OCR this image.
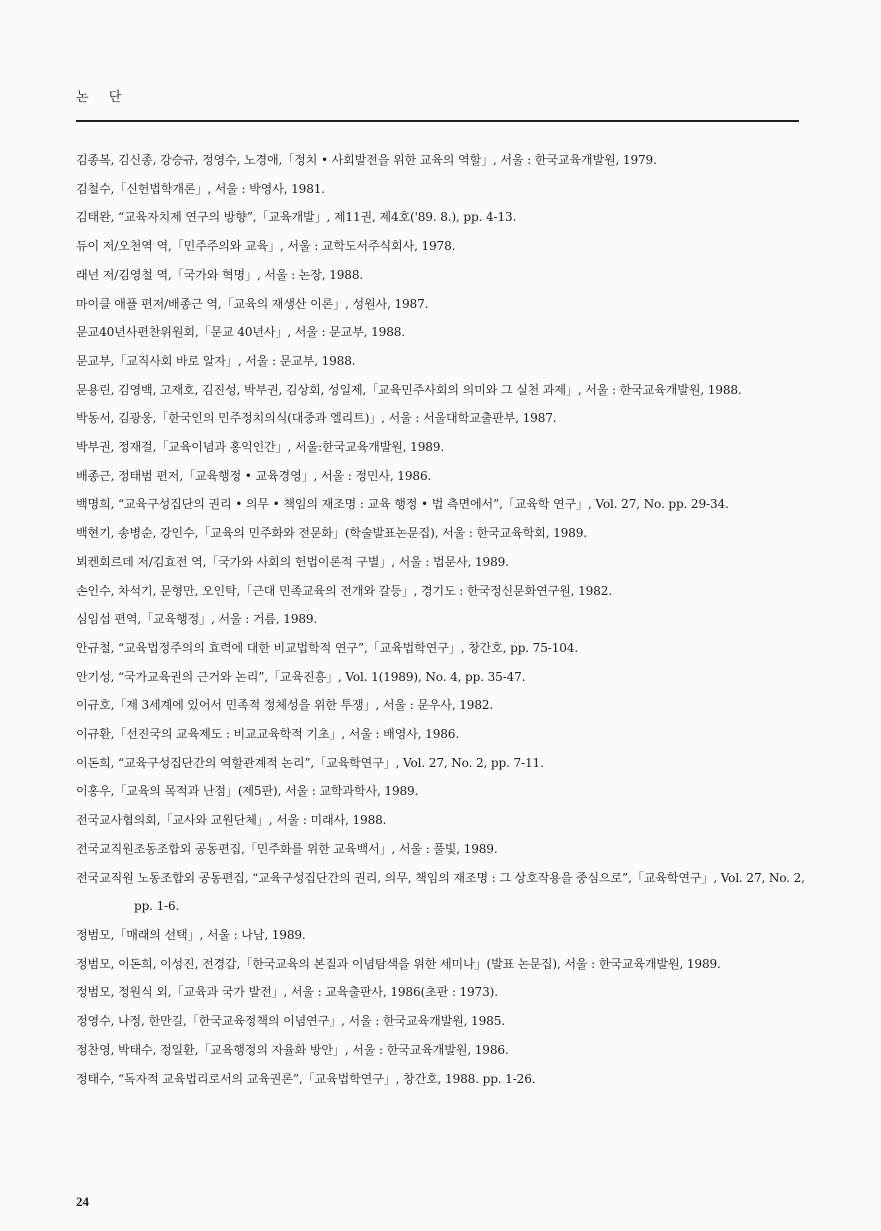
논 단
김종복, 김신종, 강승규, 정영수, 노경애,「정치 • 사회발전을 위한 교육의 역할」, 서울 : 한국교육개발원, 1979.
김철수,「신헌법학개론」, 서울 : 박영사, 1981.
김태완, “교육자치제 연구의 방향”,「교육개발」, 제11권, 제4호('89. 8.), pp. 4-13.
듀이 저/오천역 역,「민주주의와 교육」, 서울 : 교학도서주식회사, 1978.
래넌 저/김영철 역,「국가와 혁명」, 서울 : 논장, 1988.
마이클 애플 편저/배종근 역,「교육의 재생산 이론」, 성원사, 1987.
문교40년사편찬위원회,「문교 40년사」, 서울 : 문교부, 1988.
문교부,「교직사회 바로 알자」, 서울 : 문교부, 1988.
문용린, 김영백, 고재호, 김진성, 박부권, 김상회, 성일제,「교육민주사회의 의미와 그 실천 과제」, 서울 : 한국교육개발원, 1988.
박동서, 김광웅,「한국인의 민주정치의식(대중과 엘리트)」, 서울 : 서울대학교출판부, 1987.
박부권, 정재걸,「교육이념과 홍익인간」, 서울:한국교육개발원, 1989.
배종근, 정태범 편저,「교육행정 • 교육경영」, 서울 : 정민사, 1986.
백명희, “교육구성집단의 권리 • 의무 • 책임의 재조명 : 교육 행정 • 법 측면에서”,「교육학 연구」, Vol. 27, No. pp. 29-34.
백현기, 송병순, 강인수,「교육의 민주화와 전문화」(학술발표논문집), 서울 : 한국교육학회, 1989.
뵈켄회르데 저/김효전 역,「국가와 사회의 헌법이론적 구별」, 서울 : 법문사, 1989.
손인수, 차석기, 문형만, 오인탁,「근대 민족교육의 전개와 갈등」, 경기도 : 한국정신문화연구원, 1982.
심임섭 편역,「교육행정」, 서울 : 거름, 1989.
안규철, “교육법정주의의 효력에 대한 비교법학적 연구”,「교육법학연구」, 창간호, pp. 75-104.
안기성, “국가교육권의 근거와 논리”,「교육진흥」, Vol. 1(1989), No. 4, pp. 35-47.
이규호,「제 3세계에 있어서 민족적 정체성을 위한 투쟁」, 서울 : 문우사, 1982.
이규환,「선진국의 교육제도 : 비교교육학적 기초」, 서울 : 배영사, 1986.
이돈희, “교육구성집단간의 역할관계적 논리”,「교육학연구」, Vol. 27, No. 2, pp. 7-11.
이홍우,「교육의 목적과 난점」(제5판), 서울 : 교학과학사, 1989.
전국교사협의회,「교사와 교원단체」, 서울 : 미래사, 1988.
전국교직원조동조합외 공동편집,「민주화를 위한 교육백서」, 서울 : 풀빛, 1989.
전국교직원 노동조합외 공동편집, “교육구성집단간의 권리, 의무, 책임의 재조명 : 그 상호작용을 중심으로”,「교육학연구」, Vol. 27, No. 2, pp. 1-6.
정범모,「매래의 선택」, 서울 : 나남, 1989.
정범모, 이돈희, 이성진, 전경갑,「한국교육의 본질과 이념탐색을 위한 세미나」(발표 논문집), 서울 : 한국교육개발원, 1989.
정범모, 정원식 외,「교육과 국가 발전」, 서울 : 교육출판사, 1986(초판 : 1973).
정영수, 나정, 한만길,「한국교육정책의 이념연구」, 서울 : 한국교육개발원, 1985.
정찬영, 박태수, 정일환,「교육행정의 자율화 방안」, 서울 : 한국교육개발원, 1986.
정태수, “독자적 교육법리로서의 교육권론”,「교육법학연구」, 창간호, 1988. pp. 1-26.
24
